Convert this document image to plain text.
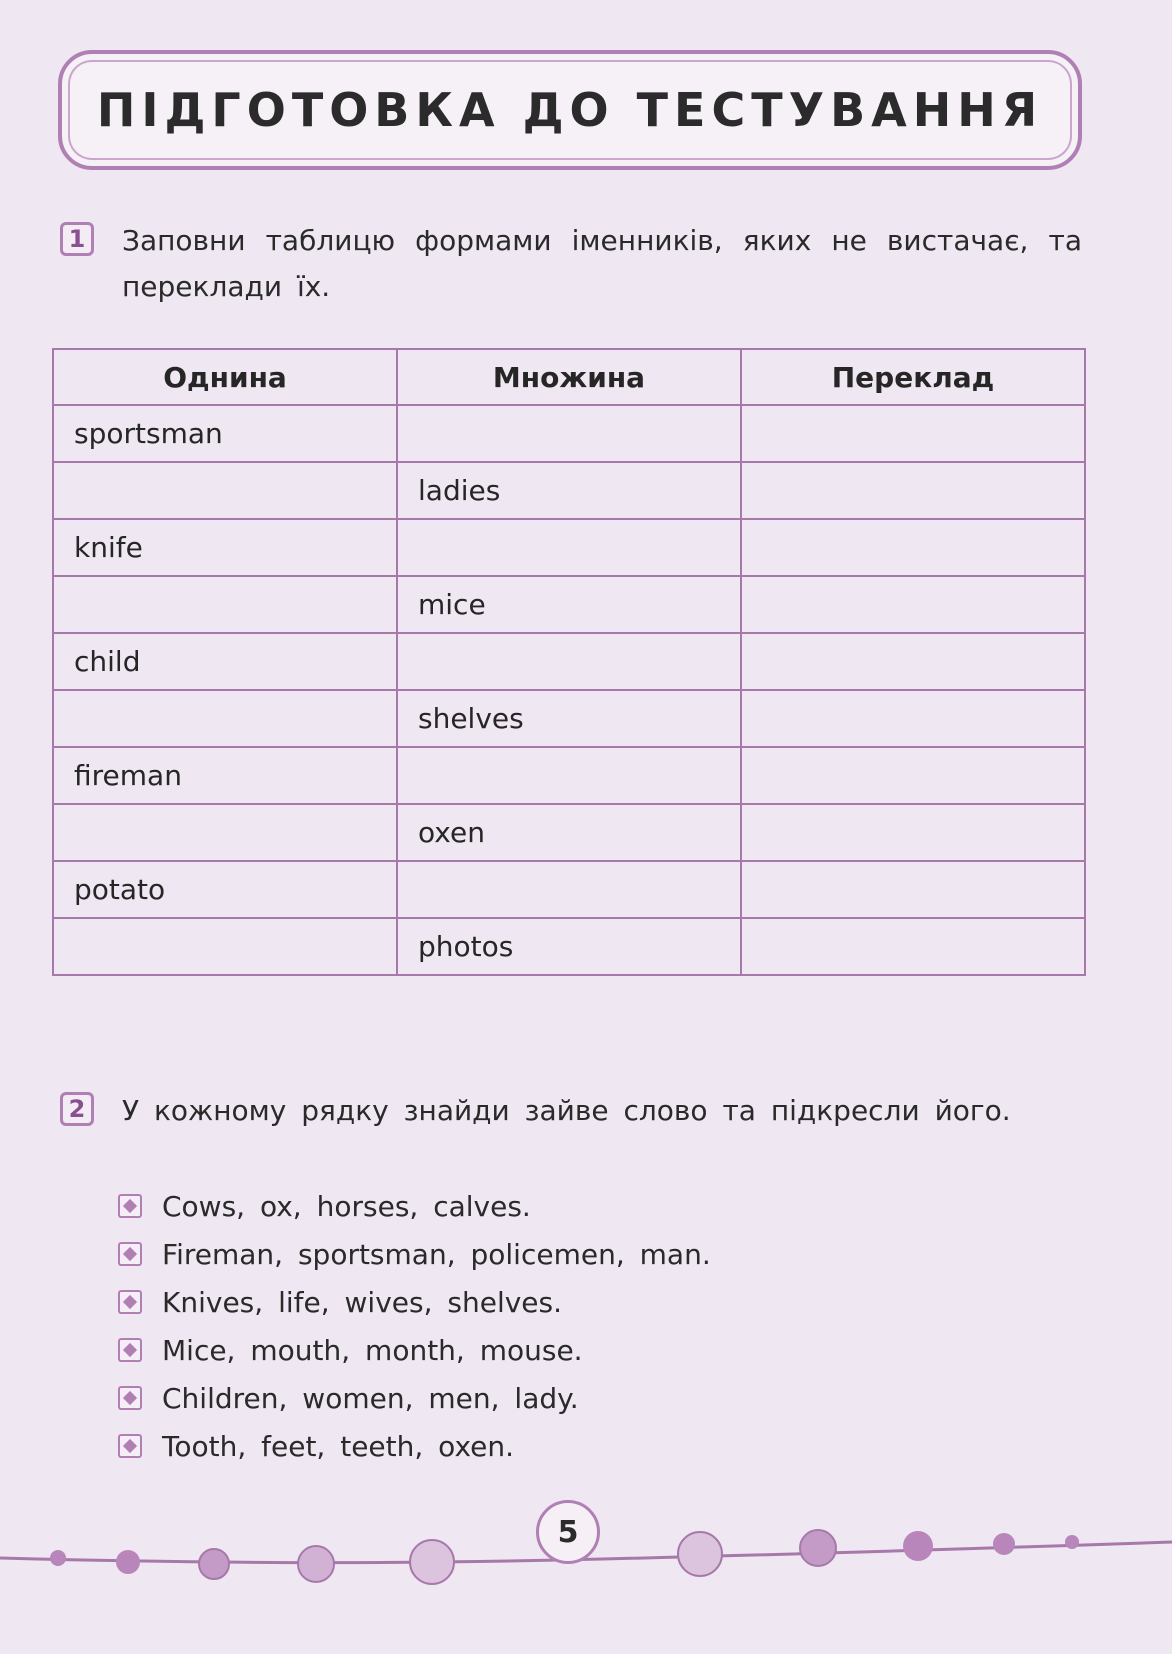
ПІДГОТОВКА ДО ТЕСТУВАННЯ
1	Заповни таблицю формами іменників, яких не вистачає, та переклади їх.
Однина	Множина	Переклад
sportsman		
	ladies	
knife		
	mice	
child		
	shelves	
fireman		
	oxen	
potato		
	photos	
2	У кожному рядку знайди зайве слово та підкресли його.
Cows, ox, horses, calves.
Fireman, sportsman, policemen, man.
Knives, life, wives, shelves.
Mice, mouth, month, mouse.
Children, women, men, lady.
Tooth, feet, teeth, oxen.
5
